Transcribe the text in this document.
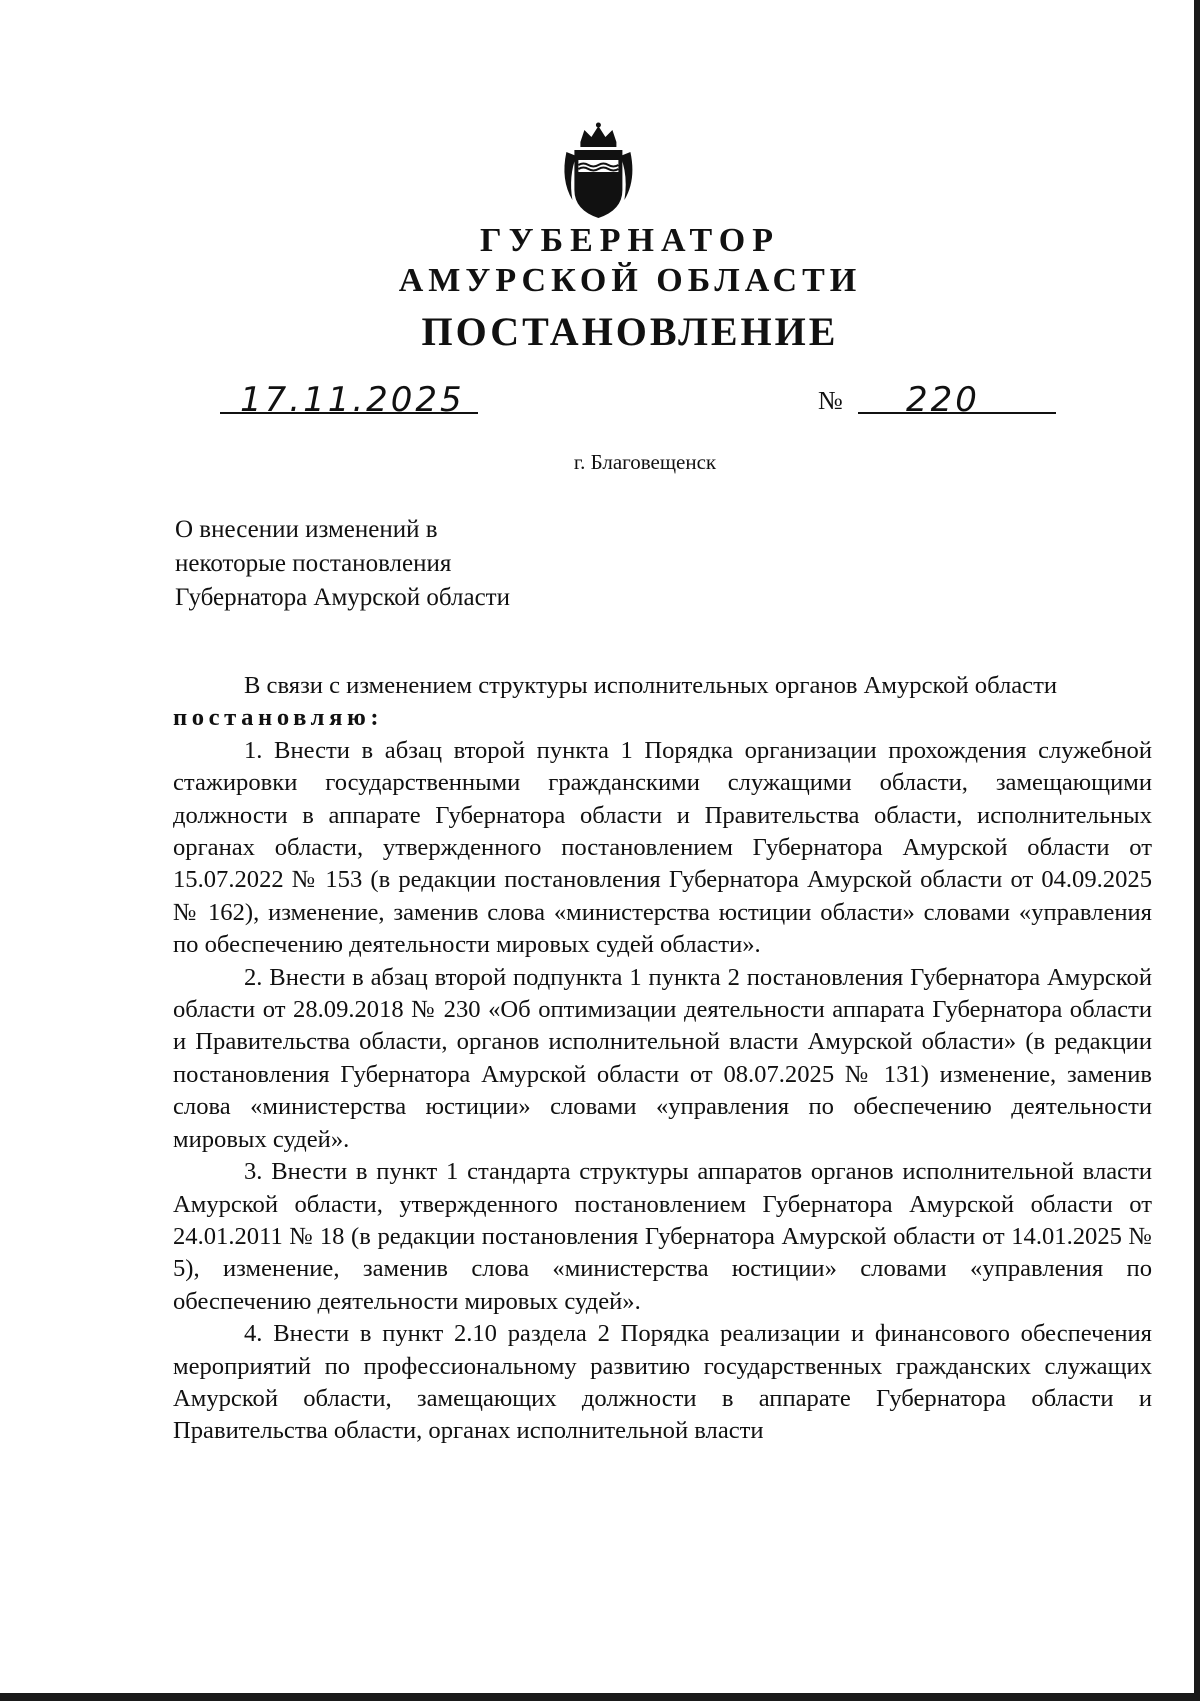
ГУБЕРНАТОР
АМУРСКОЙ ОБЛАСТИ
ПОСТАНОВЛЕНИЕ
17.11.2025	№ 220
г. Благовещенск
О внесении изменений в
некоторые постановления
Губернатора Амурской области

В связи с изменением структуры исполнительных органов Амурской области

постановляю:

1. Внести в абзац второй пункта 1 Порядка организации прохождения служебной стажировки государственными гражданскими служащими области, замещающими должности в аппарате Губернатора области и Правительства области, исполнительных органах области, утвержденного постановлением Губернатора Амурской области от 15.07.2022 № 153 (в редакции постановления Губернатора Амурской области от 04.09.2025 № 162), изменение, заменив слова «министерства юстиции области» словами «управления по обеспечению деятельности мировых судей области».

2. Внести в абзац второй подпункта 1 пункта 2 постановления Губернатора Амурской области от 28.09.2018 № 230 «Об оптимизации деятельности аппарата Губернатора области и Правительства области, органов исполнительной власти Амурской области» (в редакции постановления Губернатора Амурской области от 08.07.2025 № 131) изменение, заменив слова «министерства юстиции» словами «управления по обеспечению деятельности мировых судей».

3. Внести в пункт 1 стандарта структуры аппаратов органов исполнительной власти Амурской области, утвержденного постановлением Губернатора Амурской области от 24.01.2011 № 18 (в редакции постановления Губернатора Амурской области от 14.01.2025 № 5), изменение, заменив слова «министерства юстиции» словами «управления по обеспечению деятельности мировых судей».

4. Внести в пункт 2.10 раздела 2 Порядка реализации и финансового обеспечения мероприятий по профессиональному развитию государственных гражданских служащих Амурской области, замещающих должности в аппарате Губернатора области и Правительства области, органах исполнительной власти
